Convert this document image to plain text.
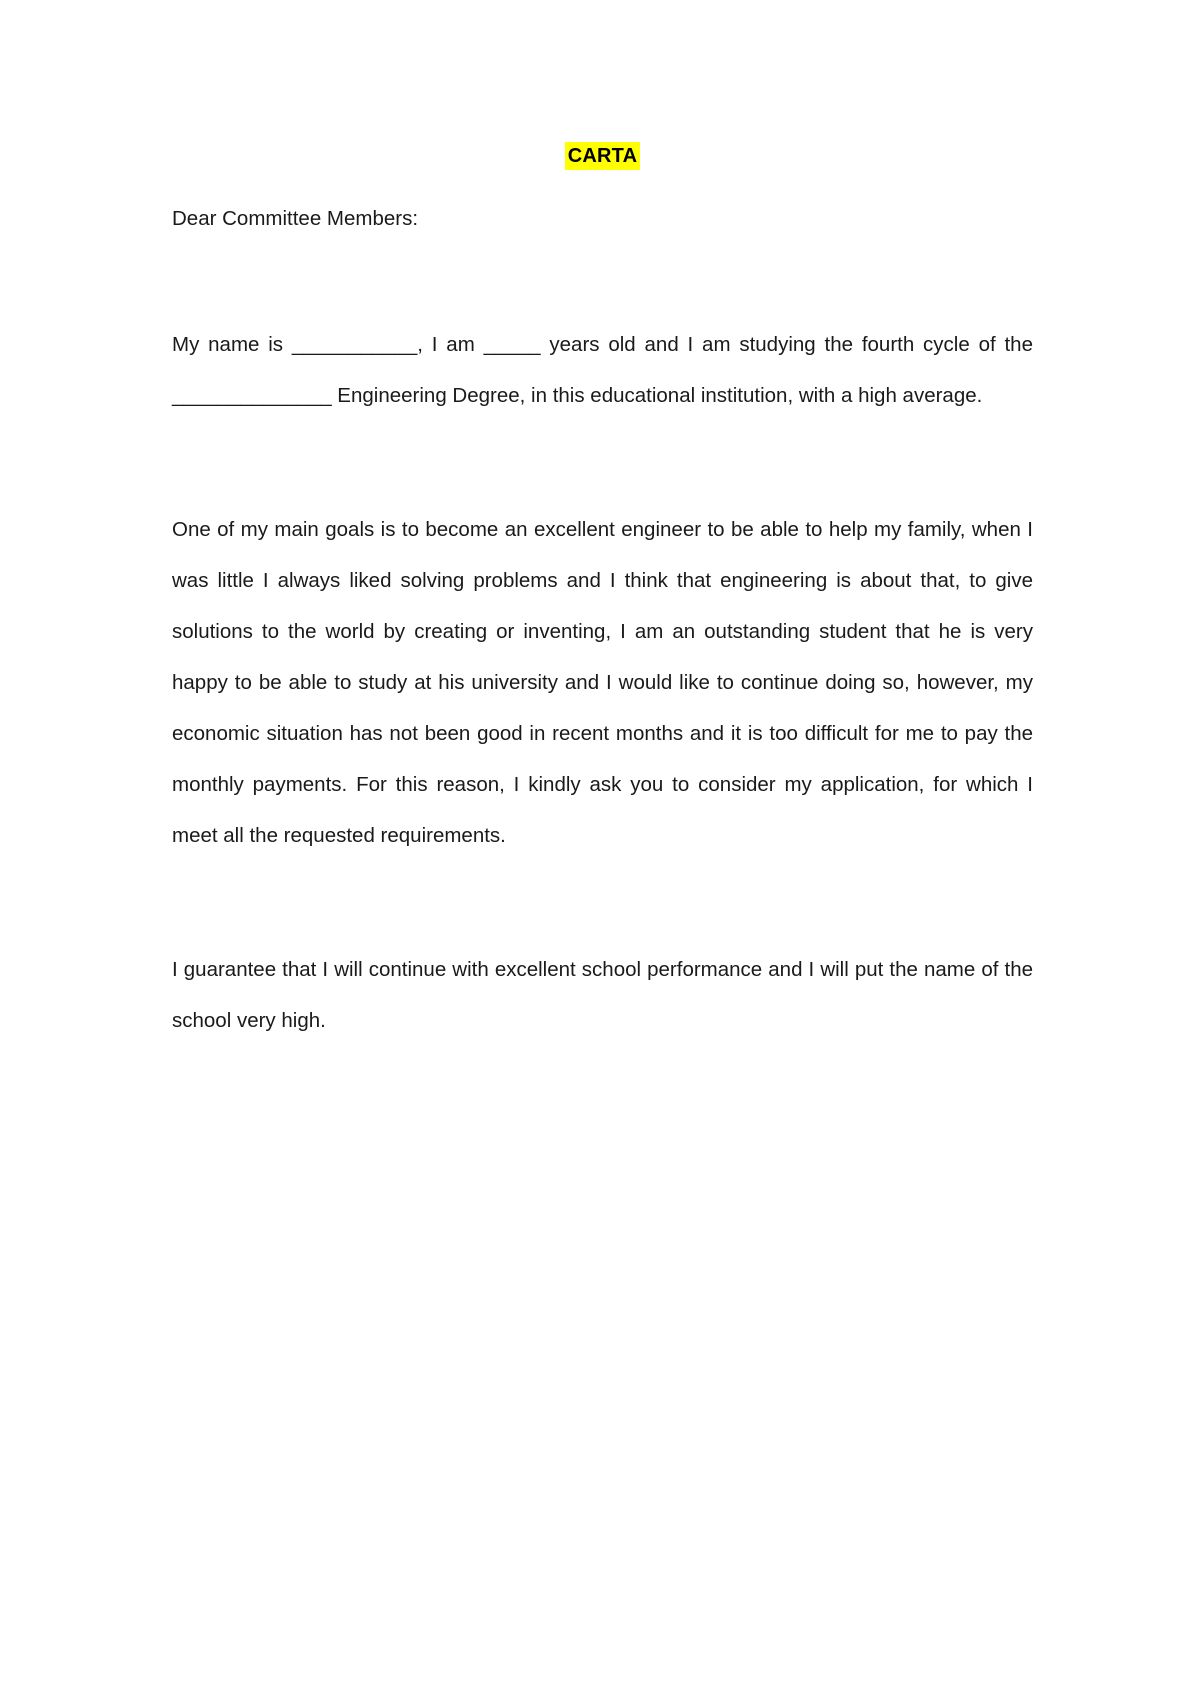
CARTA
Dear Committee Members:

My name is ___________, I am _____ years old and I am studying the fourth cycle of the ______________ Engineering Degree, in this educational institution, with a high average.

One of my main goals is to become an excellent engineer to be able to help my family, when I was little I always liked solving problems and I think that engineering is about that, to give solutions to the world by creating or inventing, I am an outstanding student that he is very happy to be able to study at his university and I would like to continue doing so, however, my economic situation has not been good in recent months and it is too difficult for me to pay the monthly payments. For this reason, I kindly ask you to consider my application, for which I meet all the requested requirements.

I guarantee that I will continue with excellent school performance and I will put the name of the school very high.
